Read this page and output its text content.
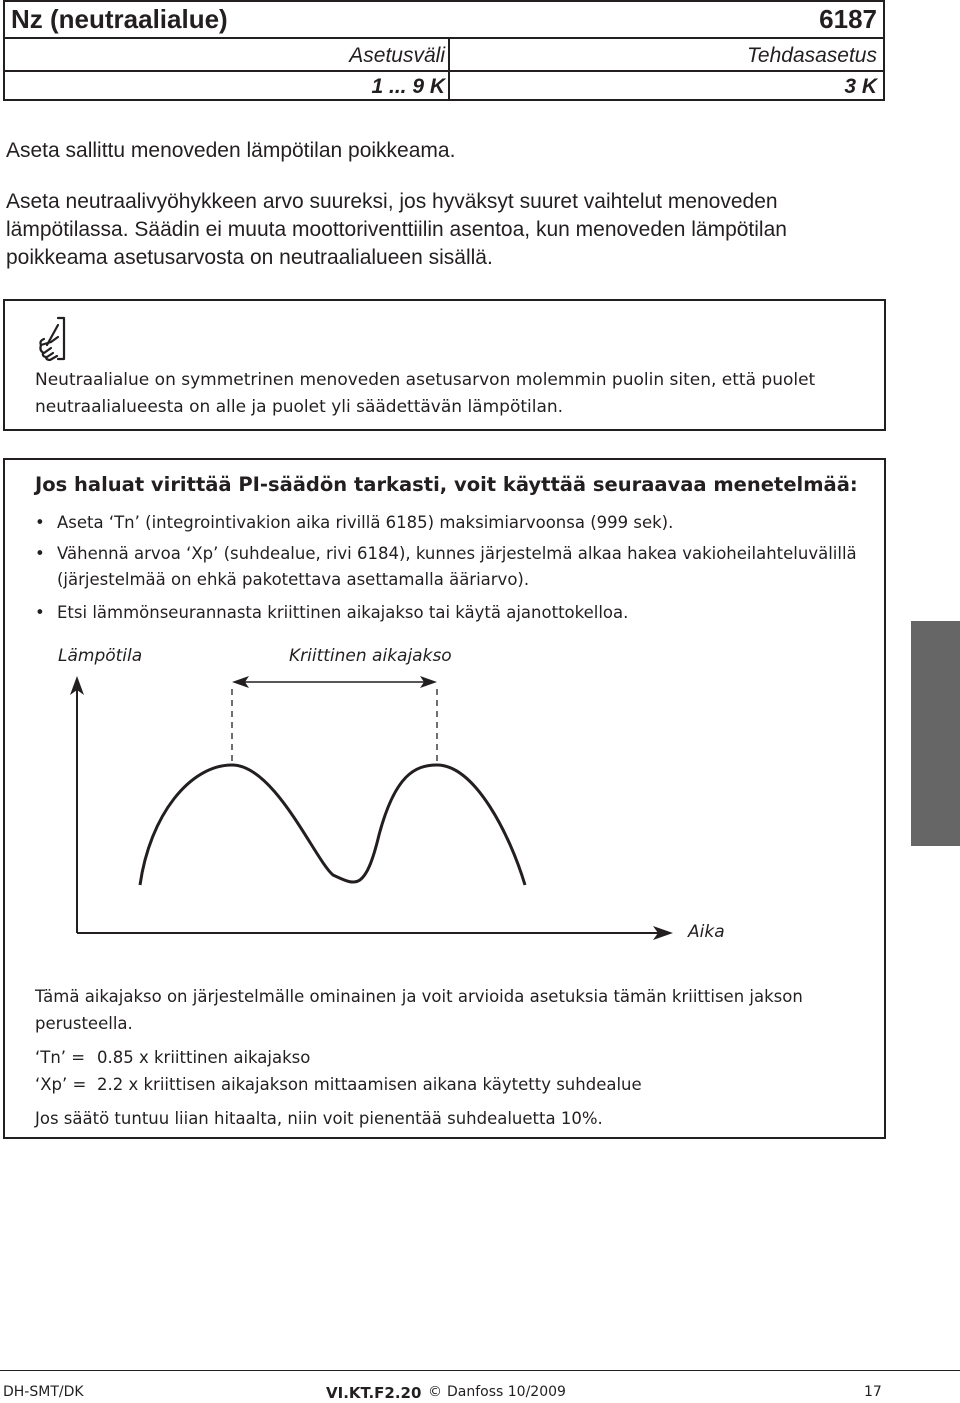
Nz (neutraalialue)	6187
Asetusväli	Tehdasasetus
1 ... 9 K	3 K
Aseta sallittu menoveden lämpötilan poikkeama.
Aseta neutraalivyöhykkeen arvo suureksi, jos hyväksyt suuret vaihtelut menoveden lämpötilassa. Säädin ei muuta moottoriventtiilin asentoa, kun menoveden lämpötilan poikkeama asetusarvosta on neutraalialueen sisällä.
Neutraalialue on symmetrinen menoveden asetusarvon molemmin puolin siten, että puolet neutraalialueesta on alle ja puolet yli säädettävän lämpötilan.
Jos haluat virittää PI-säädön tarkasti, voit käyttää seuraavaa menetelmää:
• Aseta ‘Tn’ (integrointivakion aika rivillä 6185) maksimiarvoonsa (999 sek).
• Vähennä arvoa ‘Xp’ (suhdealue, rivi 6184), kunnes järjestelmä alkaa hakea vakioheilahteluvälillä (järjestelmää on ehkä pakotettava asettamalla ääriarvo).
• Etsi lämmönseurannasta kriittinen aikajakso tai käytä ajanottokelloa.
Lämpötila	Kriittinen aikajakso
Aika
Tämä aikajakso on järjestelmälle ominainen ja voit arvioida asetuksia tämän kriittisen jakson perusteella.
‘Tn’ = 0.85 x kriittinen aikajakso
‘Xp’ = 2.2 x kriittisen aikajakson mittaamisen aikana käytetty suhdealue
Jos säätö tuntuu liian hitaalta, niin voit pienentää suhdealuetta 10%.
DH-SMT/DK	VI.KT.F2.20 © Danfoss 10/2009	17
